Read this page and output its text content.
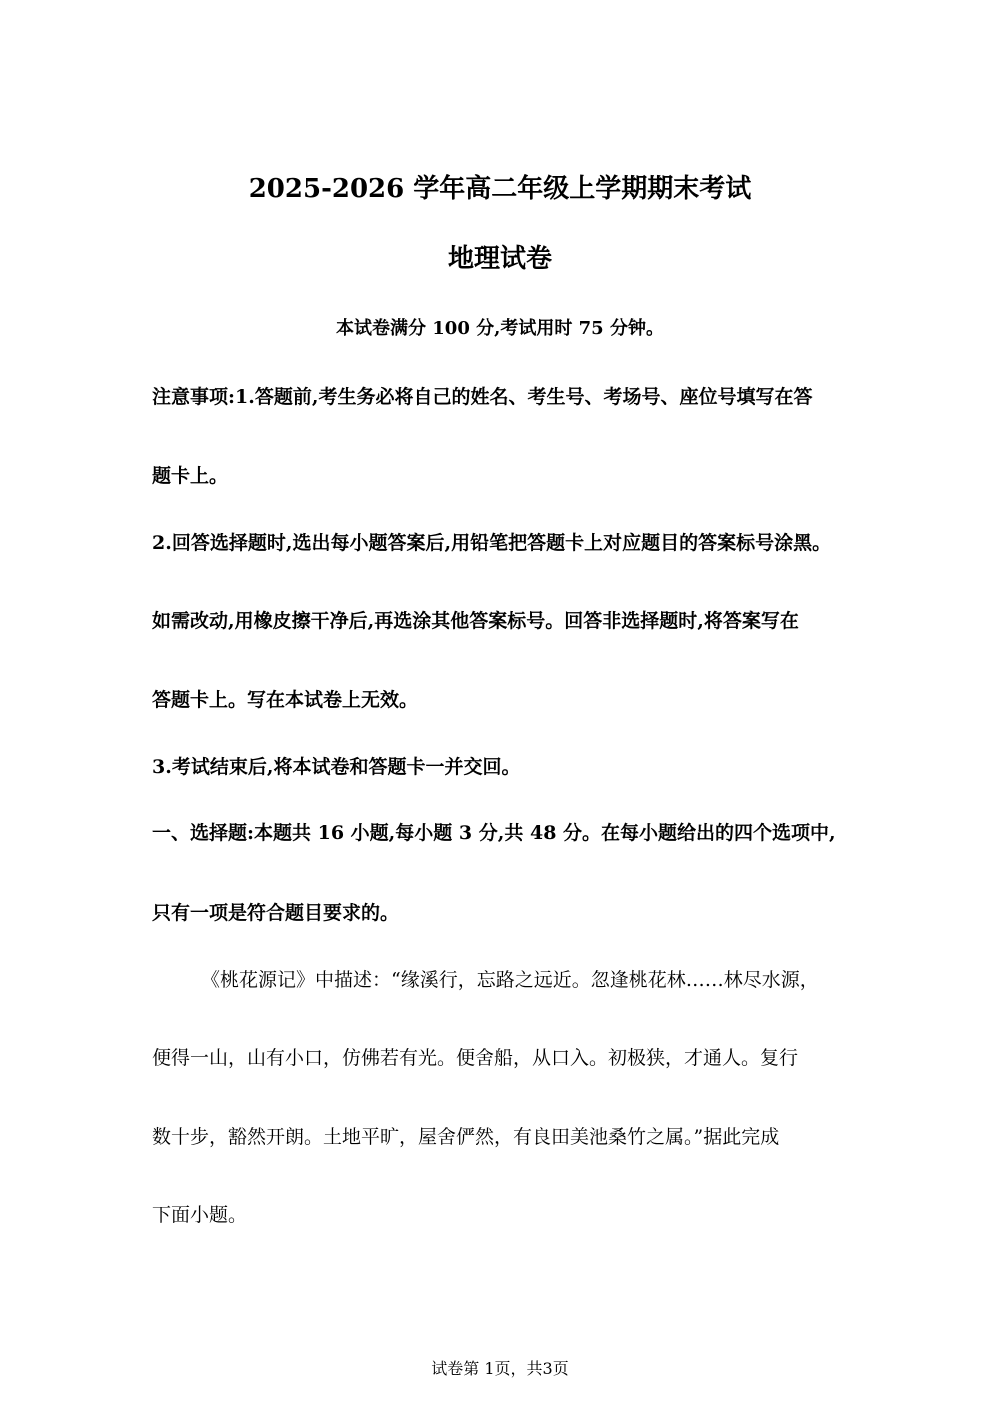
2025-2026 学年高二年级上学期期末考试
地理试卷
本试卷满分 100 分,考试用时 75 分钟。
注意事项:1.答题前,考生务必将自己的姓名、考生号、考场号、座位号填写在答
题卡上。
2.回答选择题时,选出每小题答案后,用铅笔把答题卡上对应题目的答案标号涂黑。
如需改动,用橡皮擦干净后,再选涂其他答案标号。回答非选择题时,将答案写在
答题卡上。写在本试卷上无效。
3.考试结束后,将本试卷和答题卡一并交回。
一、选择题:本题共 16 小题,每小题 3 分,共 48 分。在每小题给出的四个选项中,
只有一项是符合题目要求的。
《桃花源记》中描述：“缘溪行，忘路之远近。忽逢桃花林……林尽水源，
便得一山，山有小口，仿佛若有光。便舍船，从口入。初极狭，才通人。复行
数十步，豁然开朗。土地平旷，屋舍俨然，有良田美池桑竹之属。”据此完成
下面小题。
试卷第 1页，共3页
